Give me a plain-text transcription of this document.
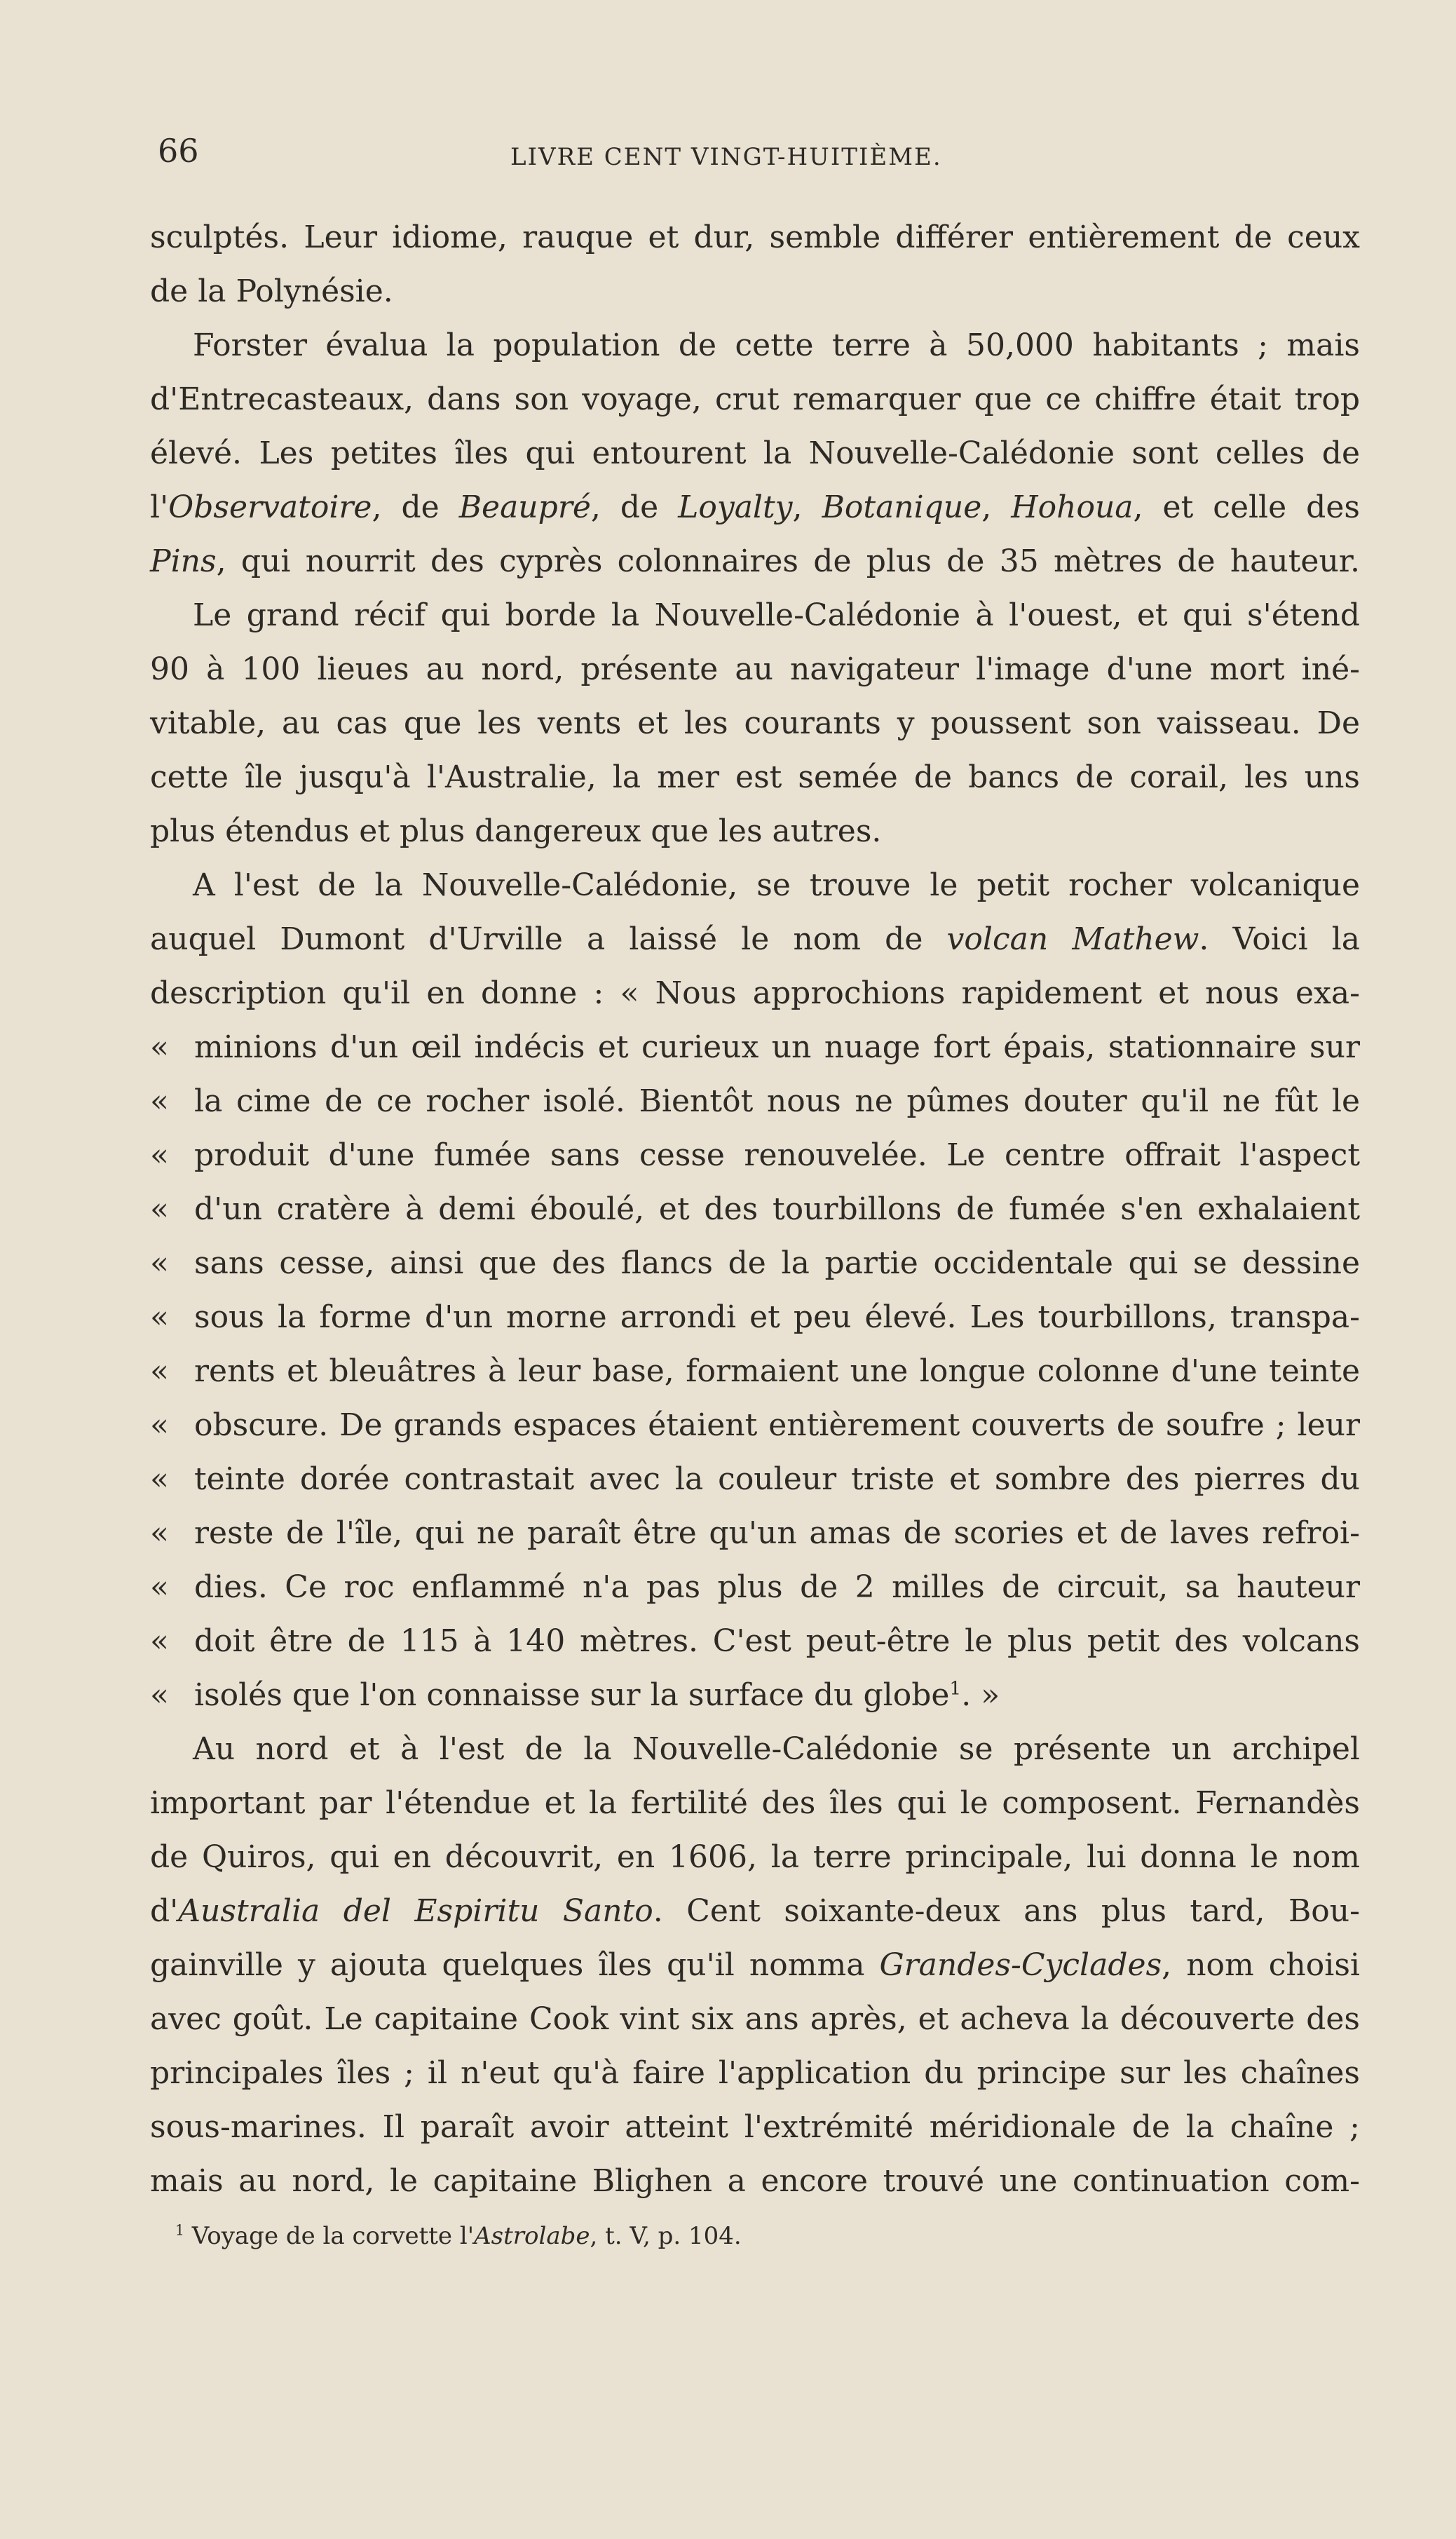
66	LIVRE CENT VINGT-HUITIÈME.
sculptés. Leur idiome, rauque et dur, semble différer entièrement de ceux
de la Polynésie.
Forster évalua la population de cette terre à 50,000 habitants ; mais
d'Entrecasteaux, dans son voyage, crut remarquer que ce chiffre était trop
élevé. Les petites îles qui entourent la Nouvelle-Calédonie sont celles de
l'Observatoire, de Beaupré, de Loyalty, Botanique, Hohoua, et celle des
Pins, qui nourrit des cyprès colonnaires de plus de 35 mètres de hauteur.
Le grand récif qui borde la Nouvelle-Calédonie à l'ouest, et qui s'étend
90 à 100 lieues au nord, présente au navigateur l'image d'une mort iné-
vitable, au cas que les vents et les courants y poussent son vaisseau. De
cette île jusqu'à l'Australie, la mer est semée de bancs de corail, les uns
plus étendus et plus dangereux que les autres.
A l'est de la Nouvelle-Calédonie, se trouve le petit rocher volcanique
auquel Dumont d'Urville a laissé le nom de volcan Mathew. Voici la
description qu'il en donne : « Nous approchions rapidement et nous exa-
« minions d'un œil indécis et curieux un nuage fort épais, stationnaire sur
« la cime de ce rocher isolé. Bientôt nous ne pûmes douter qu'il ne fût le
« produit d'une fumée sans cesse renouvelée. Le centre offrait l'aspect
« d'un cratère à demi éboulé, et des tourbillons de fumée s'en exhalaient
« sans cesse, ainsi que des flancs de la partie occidentale qui se dessine
« sous la forme d'un morne arrondi et peu élevé. Les tourbillons, transpa-
« rents et bleuâtres à leur base, formaient une longue colonne d'une teinte
« obscure. De grands espaces étaient entièrement couverts de soufre ; leur
« teinte dorée contrastait avec la couleur triste et sombre des pierres du
« reste de l'île, qui ne paraît être qu'un amas de scories et de laves refroi-
« dies. Ce roc enflammé n'a pas plus de 2 milles de circuit, sa hauteur
« doit être de 115 à 140 mètres. C'est peut-être le plus petit des volcans
« isolés que l'on connaisse sur la surface du globe$^1$. »
Au nord et à l'est de la Nouvelle-Calédonie se présente un archipel
important par l'étendue et la fertilité des îles qui le composent. Fernandès
de Quiros, qui en découvrit, en 1606, la terre principale, lui donna le nom
d'Australia del Espiritu Santo. Cent soixante-deux ans plus tard, Bou-
gainville y ajouta quelques îles qu'il nomma Grandes-Cyclades, nom choisi
avec goût. Le capitaine Cook vint six ans après, et acheva la découverte des
principales îles ; il n'eut qu'à faire l'application du principe sur les chaînes
sous-marines. Il paraît avoir atteint l'extrémité méridionale de la chaîne ;
mais au nord, le capitaine Blighen a encore trouvé une continuation com-
$^1$ Voyage de la corvette l'Astrolabe, t. V, p. 104.
